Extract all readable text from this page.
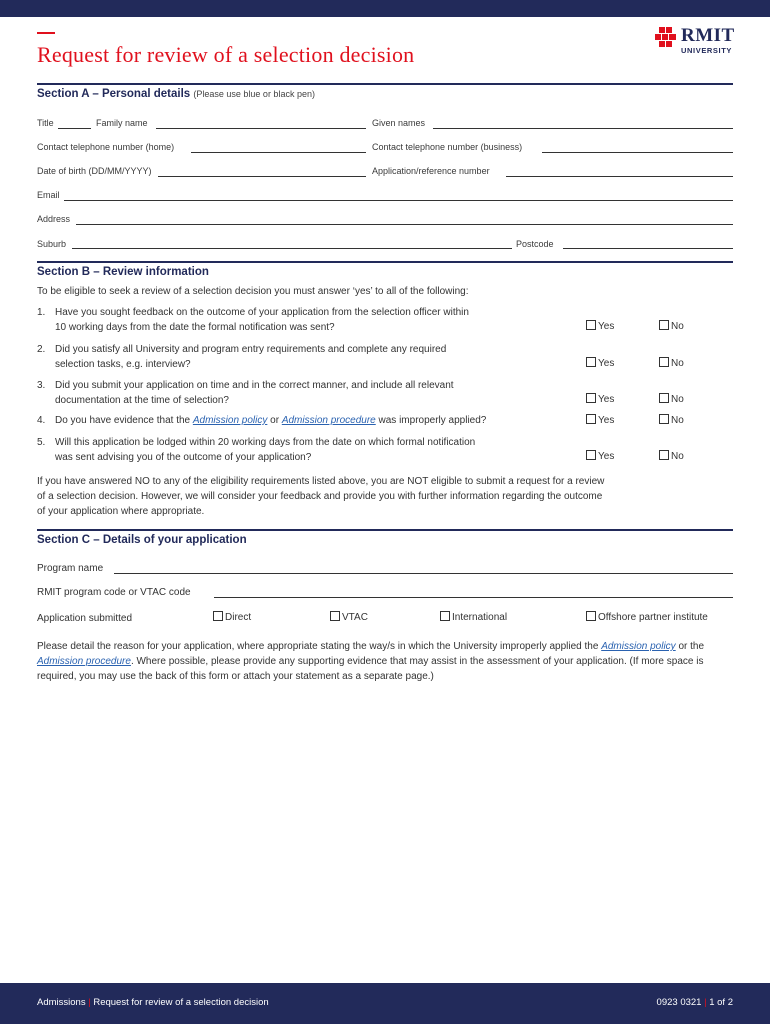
Request for review of a selection decision
RMIT
UNIVERSITY
Section A – Personal details (Please use blue or black pen)
Title	Family name	Given names
Contact telephone number (home)	Contact telephone number (business)
Date of birth (DD/MM/YYYY)	Application/reference number
Email
Address
Suburb	Postcode
Section B – Review information
To be eligible to seek a review of a selection decision you must answer ‘yes’ to all of the following:
1. Have you sought feedback on the outcome of your application from the selection officer within
10 working days from the date the formal notification was sent?	Yes	No
2. Did you satisfy all University and program entry requirements and complete any required
selection tasks, e.g. interview?	Yes	No
3. Did you submit your application on time and in the correct manner, and include all relevant
documentation at the time of selection?	Yes	No
4. Do you have evidence that the Admission policy or Admission procedure was improperly applied?	Yes	No
5. Will this application be lodged within 20 working days from the date on which formal notification
was sent advising you of the outcome of your application?	Yes	No
If you have answered NO to any of the eligibility requirements listed above, you are NOT eligible to submit a request for a review
of a selection decision. However, we will consider your feedback and provide you with further information regarding the outcome
of your application where appropriate.
Section C – Details of your application
Program name
RMIT program code or VTAC code
Application submitted	Direct	VTAC	International	Offshore partner institute
Please detail the reason for your application, where appropriate stating the way/s in which the University improperly applied the Admission policy or the Admission procedure. Where possible, please provide any supporting evidence that may assist in the assessment of your application. (If more space is required, you may use the back of this form or attach your statement as a separate page.)
Admissions | Request for review of a selection decision	0923 0321 | 1 of 2
